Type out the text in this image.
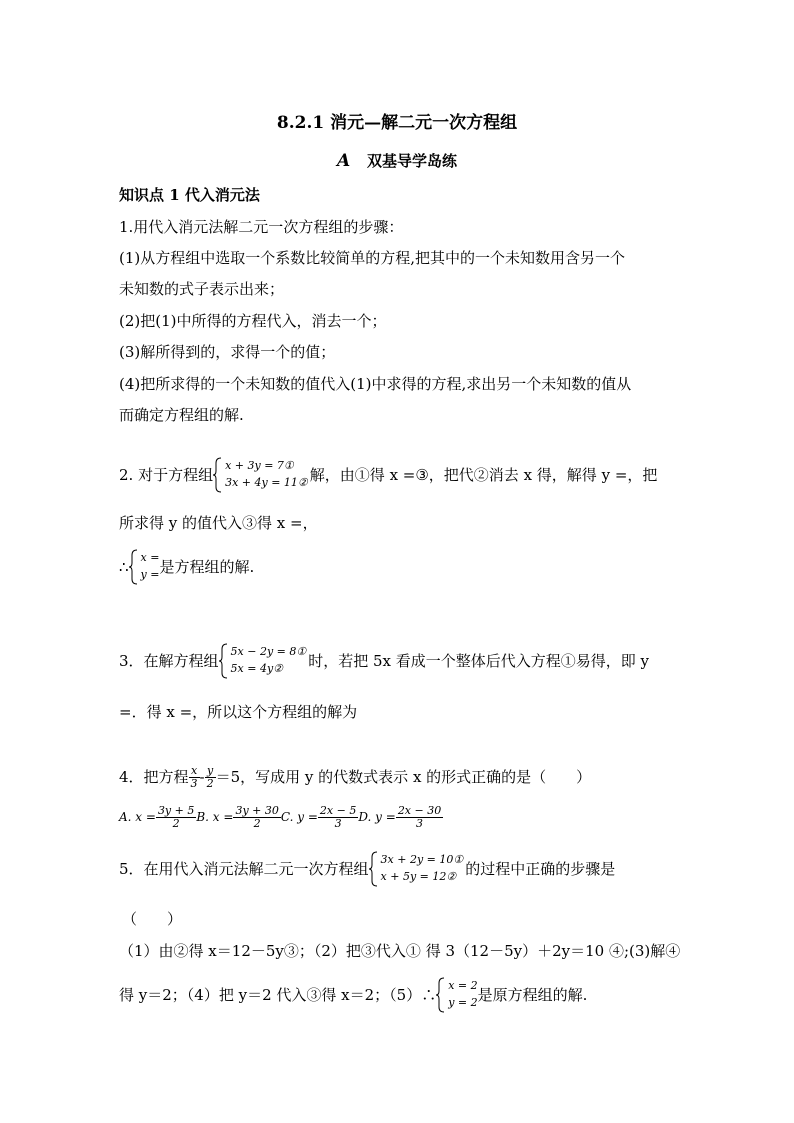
8.2.1 消元—解二元一次方程组
A 双基导学岛练
知识点 1 代入消元法
1.用代入消元法解二元一次方程组的步骤：
(1)从方程组中选取一个系数比较简单的方程,把其中的一个未知数用含另一个
未知数的式子表示出来；
(2)把(1)中所得的方程代入，消去一个；
(3)解所得到的，求得一个的值；
(4)把所求得的一个未知数的值代入(1)中求得的方程,求出另一个未知数的值从
而确定方程组的解.
2. 对于方程组
x + 3y = 7①
3x + 4y = 11② 解，由①得 x =③，把代②消去 x 得，解得 y =，把
所求得 y 的值代入③得 x =，
∴
x =
y = 是方程组的解.
3．在解方程组
5x − 2y = 8①
5x = 4y②	时，若把 5x 看成一个整体后代入方程①易得，即 y
=．得 x =，所以这个方程组的解为
4．把方程 $\frac{x}{3} - \frac{y}{2} =5$，写成用 y 的代数式表示 x 的形式正确的是（　　）
A. $x = \frac{3y + 5}{2} B$. $x = \frac{3y + 30}{2} C$. $y = \frac{2x - 5}{3} D$. $y = \frac{2x - 30}{3}$
5．在用代入消元法解二元一次方程组
3x + 2y = 10①
x + 5y = 12② 的过程中正确的步骤是
（　　）
（1）由②得 x＝12－5y③；（2）把③代入① 得 3（12－5y）＋2y＝10 ④;(3)解④
得 y＝2；（4）把 y＝2 代入③得 x＝2；（5）∴
x = 2
y = 2 是原方程组的解.
